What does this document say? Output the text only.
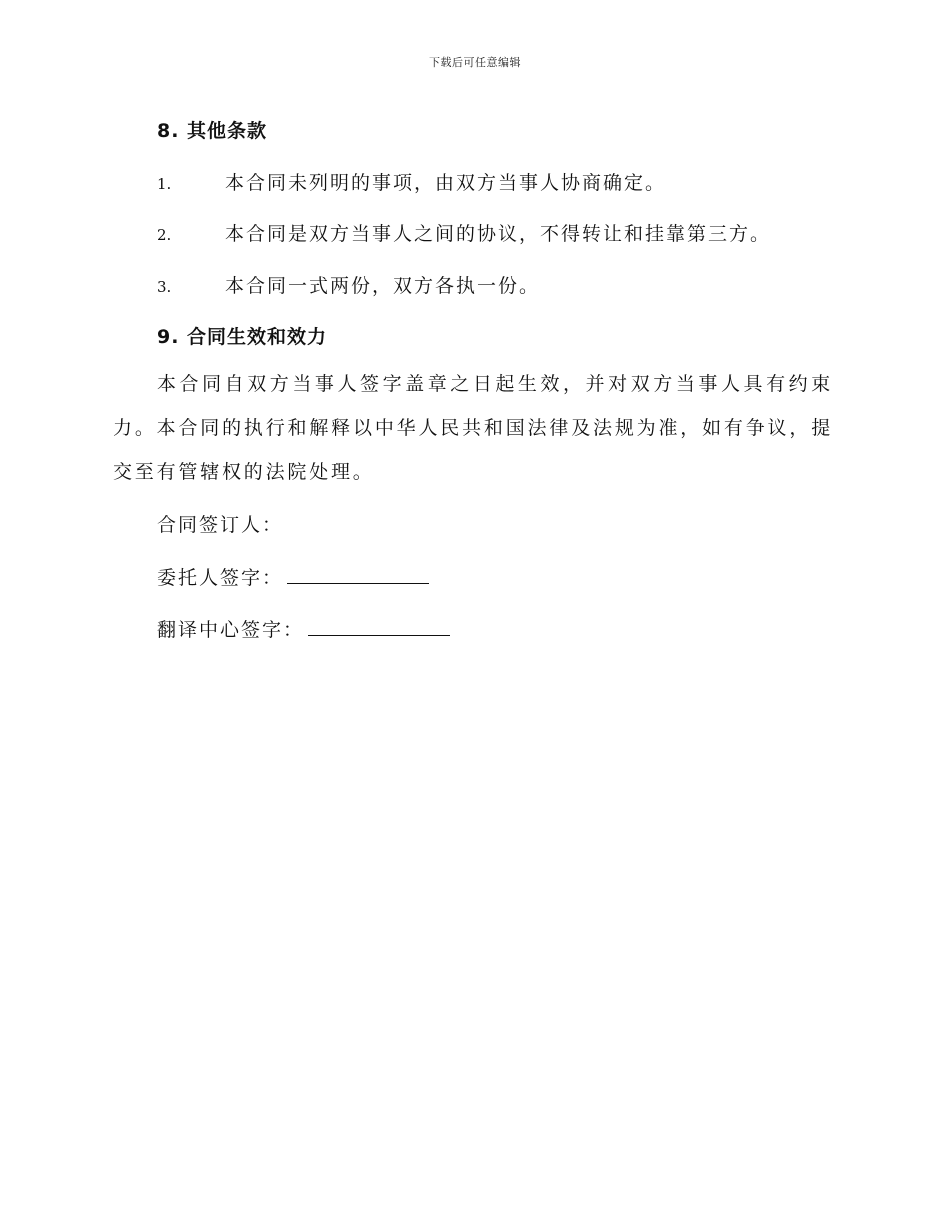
下载后可任意编辑
8. 其他条款
1.	本合同未列明的事项，由双方当事人协商确定。
2.	本合同是双方当事人之间的协议，不得转让和挂靠第三方。
3.	本合同一式两份，双方各执一份。
9. 合同生效和效力
本合同自双方当事人签字盖章之日起生效，并对双方当事人具有约束力。本合同的执行和解释以中华人民共和国法律及法规为准，如有争议，提交至有管辖权的法院处理。
合同签订人：
委托人签字：
翻译中心签字：
